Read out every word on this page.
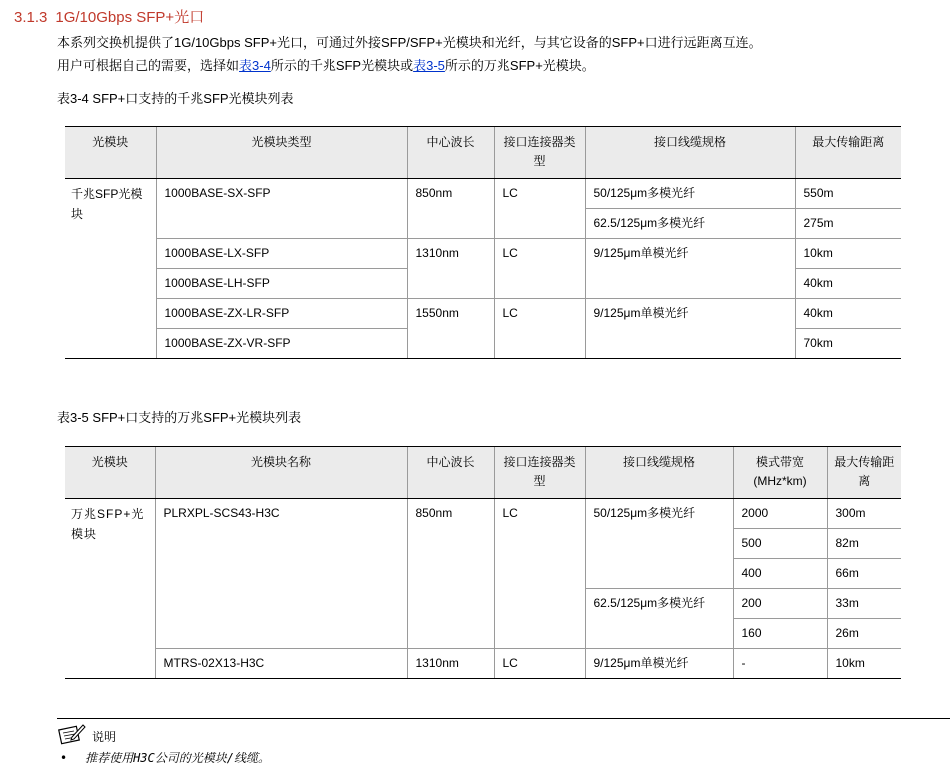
3.1.3 1G/10Gbps SFP+光口
本系列交换机提供了1G/10Gbps SFP+光口，可通过外接SFP/SFP+光模块和光纤，与其它设备的SFP+口进行远距离互连。
用户可根据自己的需要，选择如表3-4所示的千兆SFP光模块或表3-5所示的万兆SFP+光模块。
表3-4 SFP+口支持的千兆SFP光模块列表
光模块	光模块类型	中心波长	接口连接器类型	接口线缆规格	最大传输距离
千兆SFP光模块	1000BASE-SX-SFP	850nm	LC	50/125μm多模光纤	550m
				62.5/125μm多模光纤	275m
	1000BASE-LX-SFP	1310nm	LC	9/125μm单模光纤	10km
	1000BASE-LH-SFP				40km
	1000BASE-ZX-LR-SFP	1550nm	LC	9/125μm单模光纤	40km
	1000BASE-ZX-VR-SFP				70km
表3-5 SFP+口支持的万兆SFP+光模块列表
光模块	光模块名称	中心波长	接口连接器类型	接口线缆规格	模式带宽(MHz*km)	最大传输距离
万兆SFP+光模块	PLRXPL-SCS43-H3C	850nm	LC	50/125μm多模光纤	2000	300m
					500	82m
					400	66m
				62.5/125μm多模光纤	200	33m
					160	26m
	MTRS-02X13-H3C	1310nm	LC	9/125μm单模光纤	-	10km
说明
• 推荐使用H3C公司的光模块/线缆。
